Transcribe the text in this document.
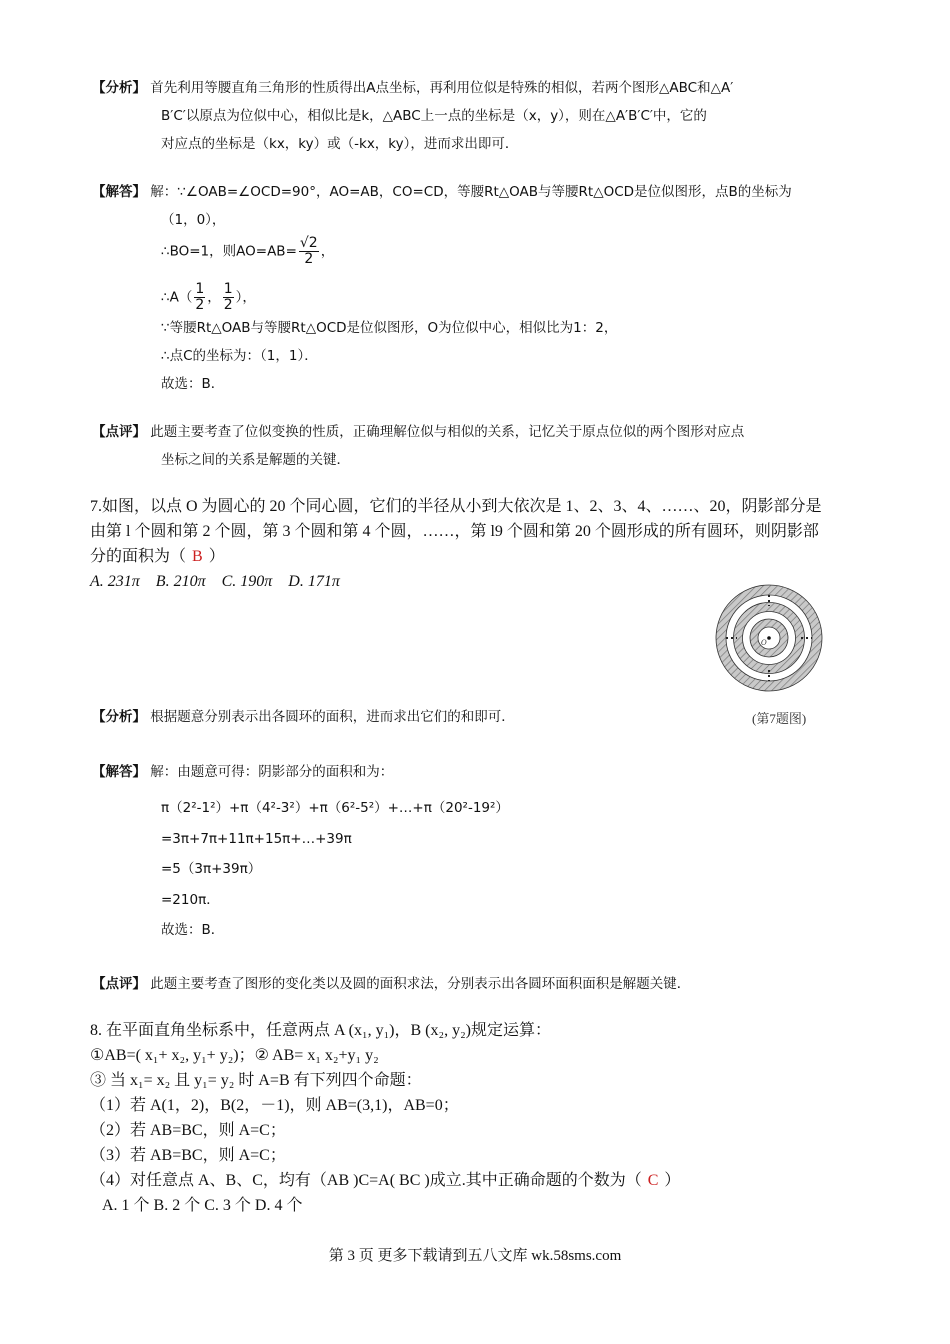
【分析】 首先利用等腰直角三角形的性质得出A点坐标，再利用位似是特殊的相似，若两个图形△ABC和△A′
B′C′以原点为位似中心，相似比是k，△ABC上一点的坐标是（x，y），则在△A′B′C′中，它的
对应点的坐标是（kx，ky）或（-kx，ky），进而求出即可．
【解答】 解：∵∠OAB=∠OCD=90°，AO=AB，CO=CD，等腰Rt△OAB与等腰Rt△OCD是位似图形，点B的坐标为
（1，0），
∴BO=1，则$AO=AB= \frac{√2}{2}$ ，
∴A（ $\frac{1}{2}$ ， $\frac{1}{2}$ ），
∵等腰Rt△OAB与等腰Rt△OCD是位似图形，O为位似中心，相似比为1：2，
∴点C的坐标为：（1，1）．
故选：B．
【点评】 此题主要考查了位似变换的性质，正确理解位似与相似的关系，记忆关于原点位似的两个图形对应点
坐标之间的关系是解题的关键．
7.如图，以点 O 为圆心的 20 个同心圆，它们的半径从小到大依次是 1、2、3、4、……、20，阴影部分是
由第 l 个圆和第 2 个圆，第 3 个圆和第 4 个圆，……，第 l9 个圆和第 20 个圆形成的所有圆环，则阴影部
分的面积为（ B ）
A. 231π B. 210π C. 190π D. 171π
O
(第7题图)
【分析】 根据题意分别表示出各圆环的面积，进而求出它们的和即可．
【解答】 解：由题意可得：阴影部分的面积和为：
π（2²-1²）+π（4²-3²）+π（6²-5²）+…+π（20²-19²）
=3π+7π+11π+15π+…+39π
=5（3π+39π）
=210π．
故选：B．
【点评】 此题主要考查了图形的变化类以及圆的面积求法，分别表示出各圆环面积面积是解题关键．
8. 在平面直角坐标系中，任意两点 A (x₁, y₁)，B (x₂, y₂)规定运算：
①AB=( x₁+ x₂, y₁+ y₂)；② AB= x₁ x₂+y₁ y₂
③ 当 x₁= x₂ 且 y₁= y₂ 时 A=B 有下列四个命题：
（1）若 A(1，2)，B(2，－1)，则 AB=(3,1)，AB=0；
（2）若 AB=BC，则 A=C；
（3）若 AB=BC，则 A=C；
（4）对任意点 A、B、C，均有（AB )C=A( BC )成立.其中正确命题的个数为（ C ）
A. 1 个 B. 2 个 C. 3 个 D. 4 个
第 3 页 更多下载请到五八文库 wk.58sms.com
